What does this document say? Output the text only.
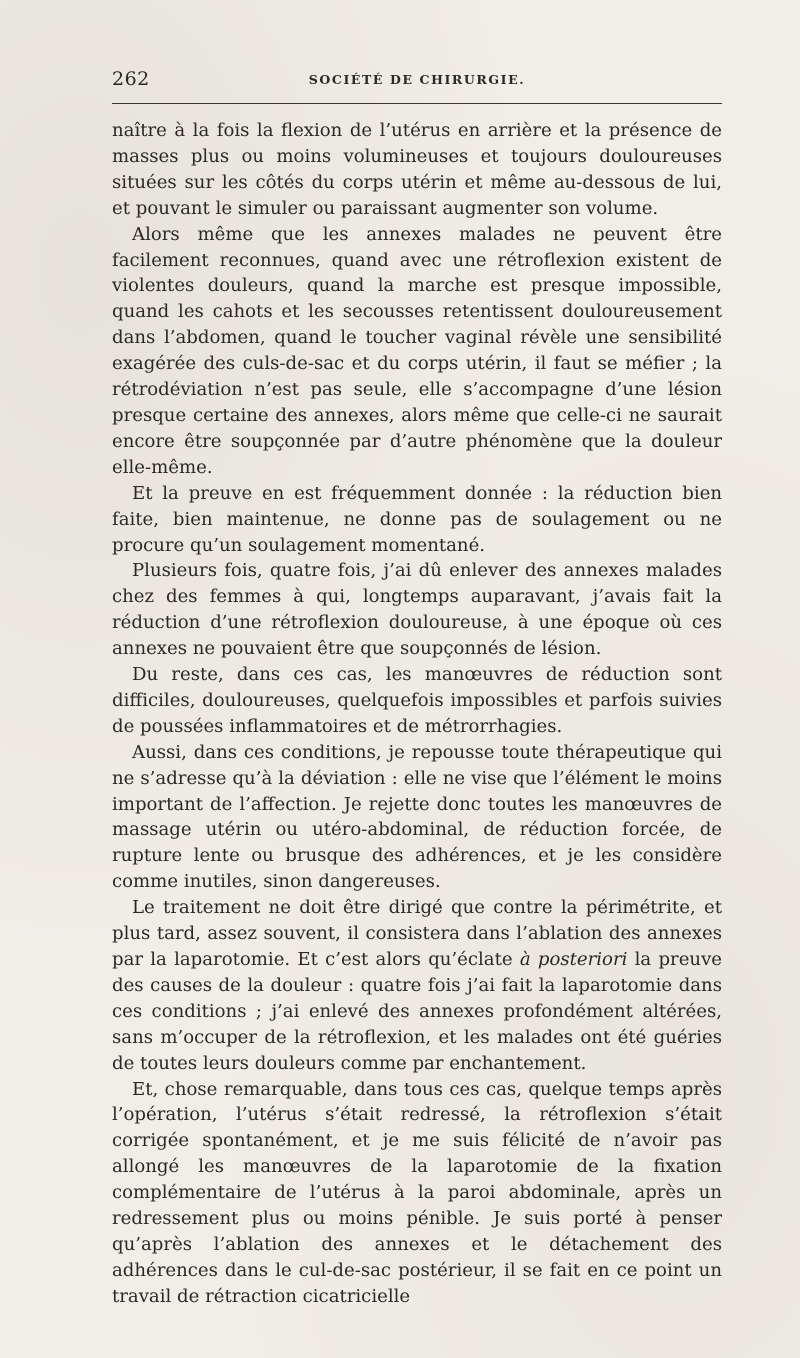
262	SOCIÉTÉ DE CHIRURGIE.

naître à la fois la flexion de l’utérus en arrière et la présence de masses plus ou moins volumineuses et toujours douloureuses situées sur les côtés du corps utérin et même au-dessous de lui, et pouvant le simuler ou paraissant augmenter son volume.

Alors même que les annexes malades ne peuvent être facilement reconnues, quand avec une rétroflexion existent de violentes douleurs, quand la marche est presque impossible, quand les cahots et les secousses retentissent douloureusement dans l’abdomen, quand le toucher vaginal révèle une sensibilité exagérée des culs-de-sac et du corps utérin, il faut se méfier ; la rétrodéviation n’est pas seule, elle s’accompagne d’une lésion presque certaine des annexes, alors même que celle-ci ne saurait encore être soupçonnée par d’autre phénomène que la douleur elle-même.

Et la preuve en est fréquemment donnée : la réduction bien faite, bien maintenue, ne donne pas de soulagement ou ne procure qu’un soulagement momentané.

Plusieurs fois, quatre fois, j’ai dû enlever des annexes malades chez des femmes à qui, longtemps auparavant, j’avais fait la réduction d’une rétroflexion douloureuse, à une époque où ces annexes ne pouvaient être que soupçonnés de lésion.

Du reste, dans ces cas, les manœuvres de réduction sont difficiles, douloureuses, quelquefois impossibles et parfois suivies de poussées inflammatoires et de métrorrhagies.

Aussi, dans ces conditions, je repousse toute thérapeutique qui ne s’adresse qu’à la déviation : elle ne vise que l’élément le moins important de l’affection. Je rejette donc toutes les manœuvres de massage utérin ou utéro-abdominal, de réduction forcée, de rupture lente ou brusque des adhérences, et je les considère comme inutiles, sinon dangereuses.

Le traitement ne doit être dirigé que contre la périmétrite, et plus tard, assez souvent, il consistera dans l’ablation des annexes par la laparotomie. Et c’est alors qu’éclate à posteriori la preuve des causes de la douleur : quatre fois j’ai fait la laparotomie dans ces conditions ; j’ai enlevé des annexes profondément altérées, sans m’occuper de la rétroflexion, et les malades ont été guéries de toutes leurs douleurs comme par enchantement.

Et, chose remarquable, dans tous ces cas, quelque temps après l’opération, l’utérus s’était redressé, la rétroflexion s’était corrigée spontanément, et je me suis félicité de n’avoir pas allongé les manœuvres de la laparotomie de la fixation complémentaire de l’utérus à la paroi abdominale, après un redressement plus ou moins pénible. Je suis porté à penser qu’après l’ablation des annexes et le détachement des adhérences dans le cul-de-sac postérieur, il se fait en ce point un travail de rétraction cicatricielle
